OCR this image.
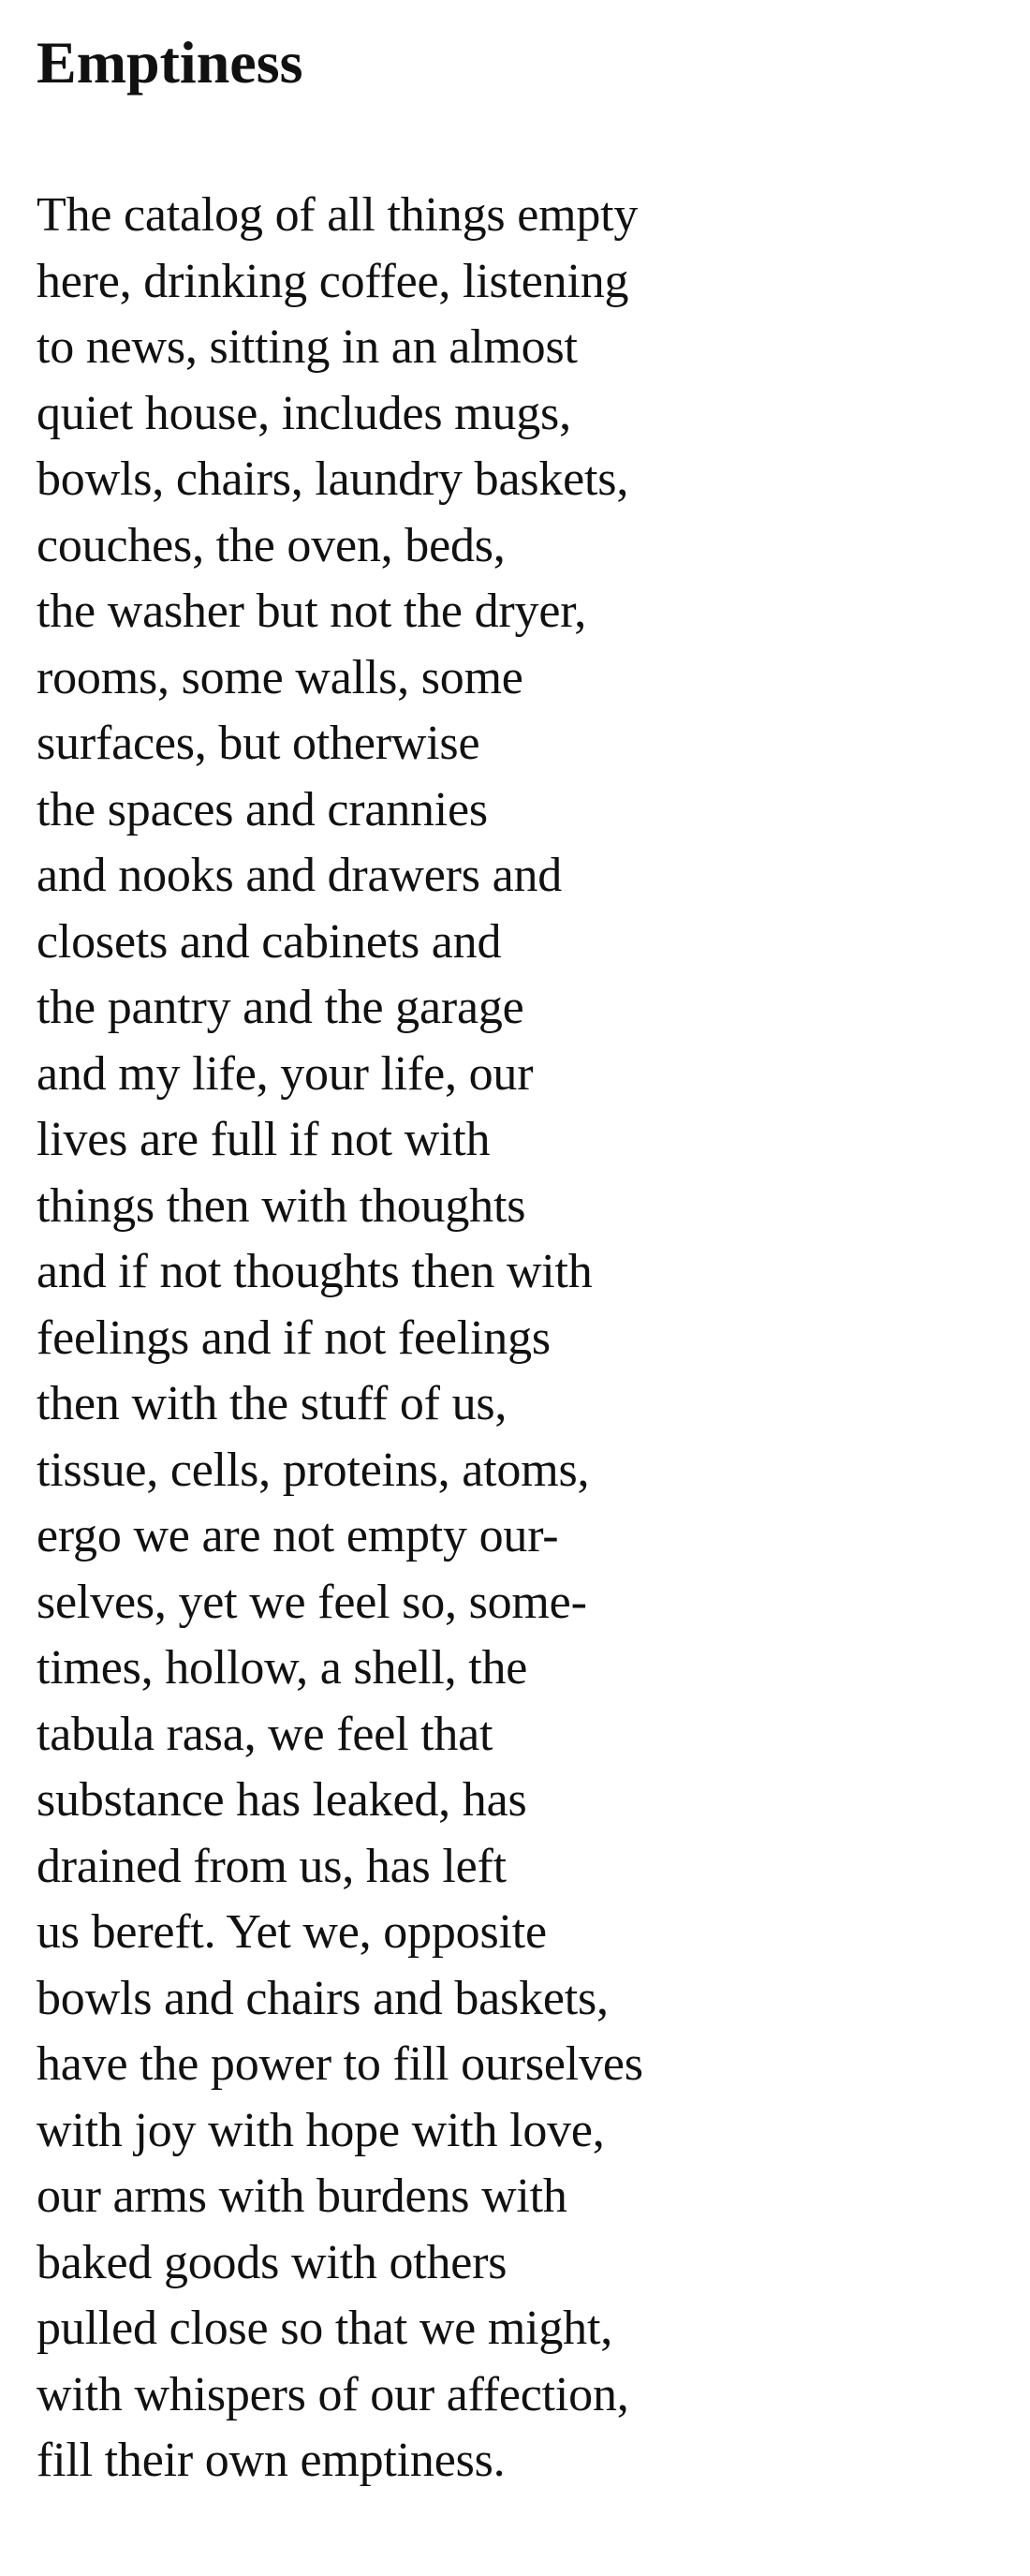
Emptiness
The catalog of all things empty
here, drinking coffee, listening
to news, sitting in an almost
quiet house, includes mugs,
bowls, chairs, laundry baskets,
couches, the oven, beds,
the washer but not the dryer,
rooms, some walls, some
surfaces, but otherwise
the spaces and crannies
and nooks and drawers and
closets and cabinets and
the pantry and the garage
and my life, your life, our
lives are full if not with
things then with thoughts
and if not thoughts then with
feelings and if not feelings
then with the stuff of us,
tissue, cells, proteins, atoms,
ergo we are not empty our-
selves, yet we feel so, some-
times, hollow, a shell, the
tabula rasa, we feel that
substance has leaked, has
drained from us, has left
us bereft. Yet we, opposite
bowls and chairs and baskets,
have the power to fill ourselves
with joy with hope with love,
our arms with burdens with
baked goods with others
pulled close so that we might,
with whispers of our affection,
fill their own emptiness.
